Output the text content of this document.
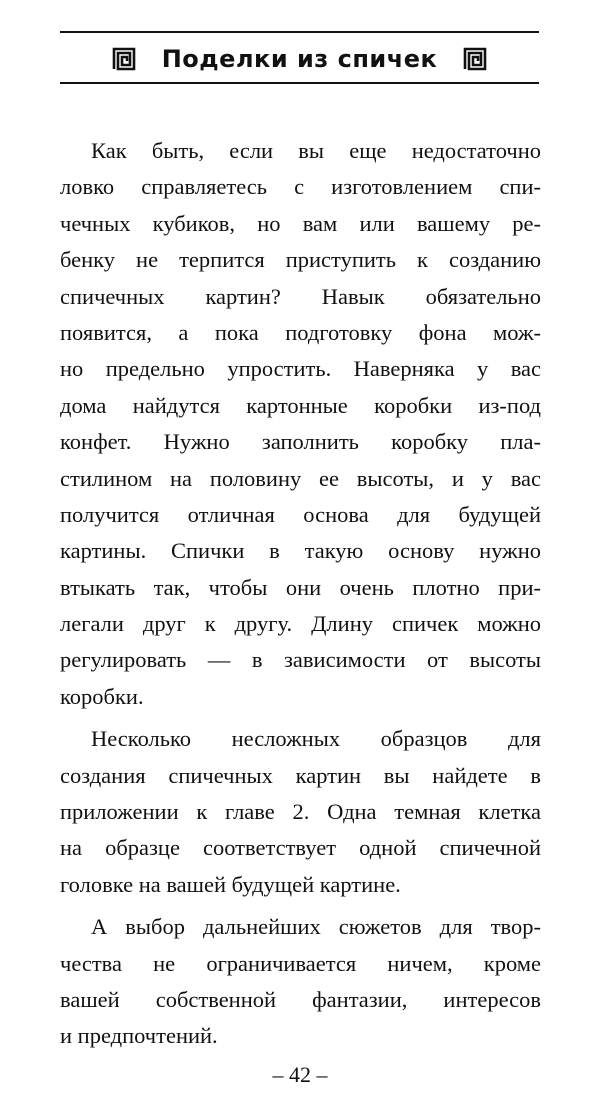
Поделки из спичек
Как быть, если вы еще недостаточно
ловко справляетесь с изготовлением спи-
чечных кубиков, но вам или вашему ре-
бенку не терпится приступить к созданию
спичечных картин? Навык обязательно
появится, а пока подготовку фона мож-
но предельно упростить. Наверняка у вас
дома найдутся картонные коробки из-под
конфет. Нужно заполнить коробку пла-
стилином на половину ее высоты, и у вас
получится отличная основа для будущей
картины. Спички в такую основу нужно
втыкать так, чтобы они очень плотно при-
легали друг к другу. Длину спичек можно
регулировать — в зависимости от высоты
коробки.
Несколько несложных образцов для
создания спичечных картин вы найдете в
приложении к главе 2. Одна темная клетка
на образце соответствует одной спичечной
головке на вашей будущей картине.
А выбор дальнейших сюжетов для твор-
чества не ограничивается ничем, кроме
вашей собственной фантазии, интересов
и предпочтений.
– 42 –
